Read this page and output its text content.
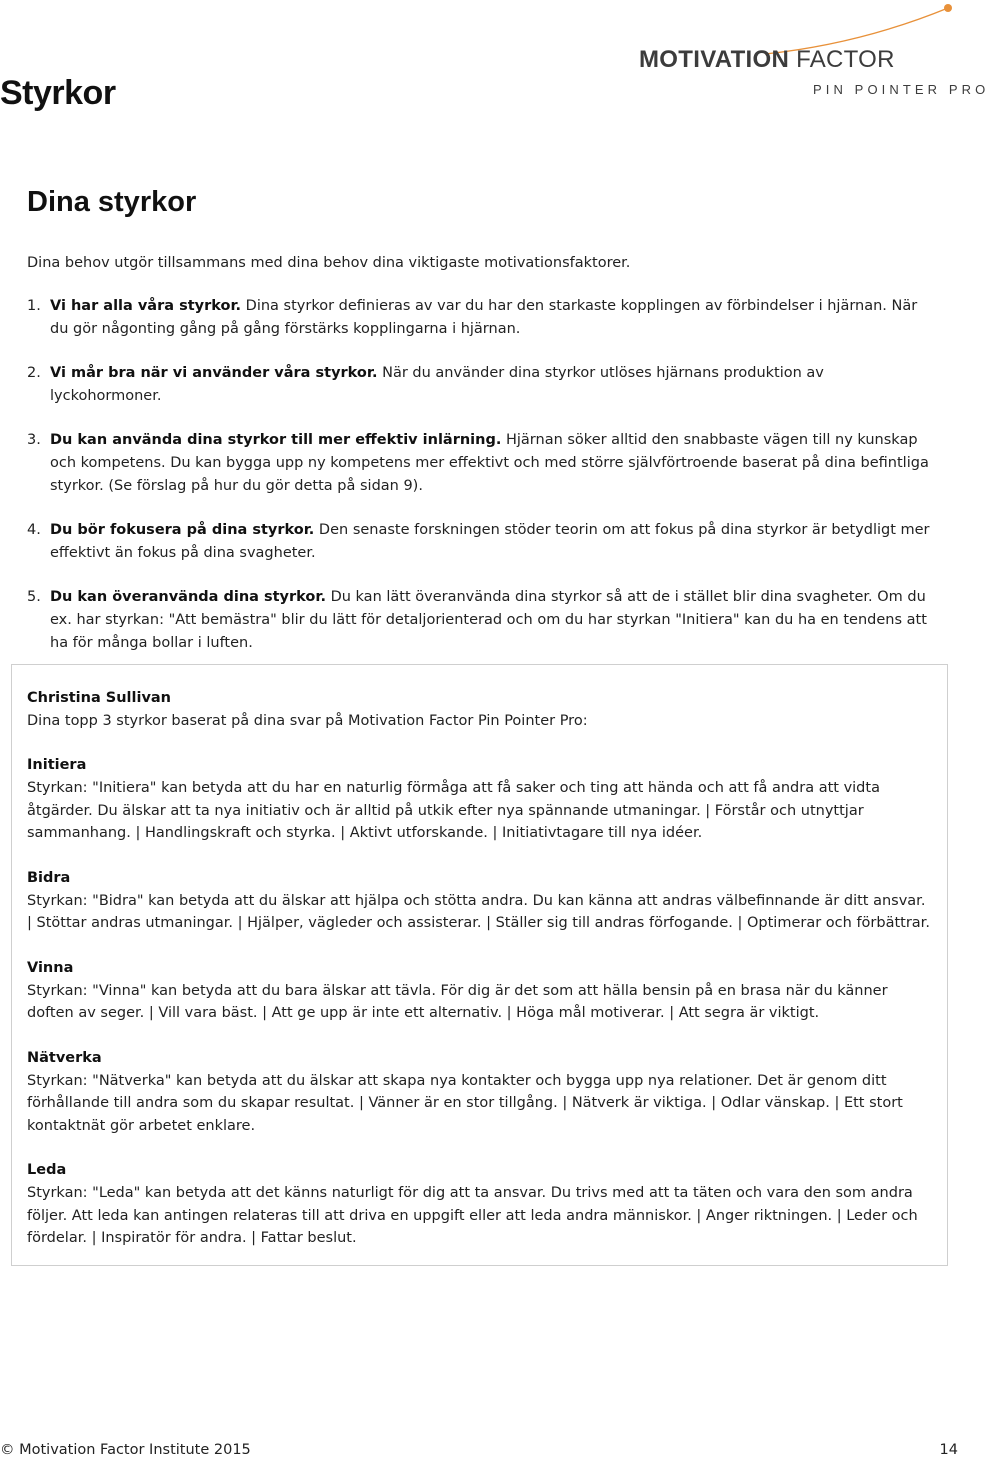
Styrkor
MOTIVATION FACTOR
PIN POINTER PRO
Dina styrkor
Dina behov utgör tillsammans med dina behov dina viktigaste motivationsfaktorer.
1. Vi har alla våra styrkor. Dina styrkor definieras av var du har den starkaste kopplingen av förbindelser i hjärnan. När du gör någonting gång på gång förstärks kopplingarna i hjärnan.
2. Vi mår bra när vi använder våra styrkor. När du använder dina styrkor utlöses hjärnans produktion av lyckohormoner.
3. Du kan använda dina styrkor till mer effektiv inlärning. Hjärnan söker alltid den snabbaste vägen till ny kunskap och kompetens. Du kan bygga upp ny kompetens mer effektivt och med större självförtroende baserat på dina befintliga styrkor. (Se förslag på hur du gör detta på sidan 9).
4. Du bör fokusera på dina styrkor. Den senaste forskningen stöder teorin om att fokus på dina styrkor är betydligt mer effektivt än fokus på dina svagheter.
5. Du kan överanvända dina styrkor. Du kan lätt överanvända dina styrkor så att de i stället blir dina svagheter. Om du ex. har styrkan: "Att bemästra" blir du lätt för detaljorienterad och om du har styrkan "Initiera" kan du ha en tendens att ha för många bollar i luften.
Christina Sullivan
Dina topp 3 styrkor baserat på dina svar på Motivation Factor Pin Pointer Pro:
Initiera
Styrkan: "Initiera" kan betyda att du har en naturlig förmåga att få saker och ting att hända och att få andra att vidta åtgärder. Du älskar att ta nya initiativ och är alltid på utkik efter nya spännande utmaningar. | Förstår och utnyttjar sammanhang. | Handlingskraft och styrka. | Aktivt utforskande. | Initiativtagare till nya idéer.
Bidra
Styrkan: "Bidra" kan betyda att du älskar att hjälpa och stötta andra. Du kan känna att andras välbefinnande är ditt ansvar. | Stöttar andras utmaningar. | Hjälper, vägleder och assisterar. | Ställer sig till andras förfogande. | Optimerar och förbättrar.
Vinna
Styrkan: "Vinna" kan betyda att du bara älskar att tävla. För dig är det som att hälla bensin på en brasa när du känner doften av seger. | Vill vara bäst. | Att ge upp är inte ett alternativ. | Höga mål motiverar. | Att segra är viktigt.
Nätverka
Styrkan: "Nätverka" kan betyda att du älskar att skapa nya kontakter och bygga upp nya relationer. Det är genom ditt förhållande till andra som du skapar resultat. | Vänner är en stor tillgång. | Nätverk är viktiga. | Odlar vänskap. | Ett stort kontaktnät gör arbetet enklare.
Leda
Styrkan: "Leda" kan betyda att det känns naturligt för dig att ta ansvar. Du trivs med att ta täten och vara den som andra följer. Att leda kan antingen relateras till att driva en uppgift eller att leda andra människor. | Anger riktningen. | Leder och fördelar. | Inspiratör för andra. | Fattar beslut.
© Motivation Factor Institute 2015	14
